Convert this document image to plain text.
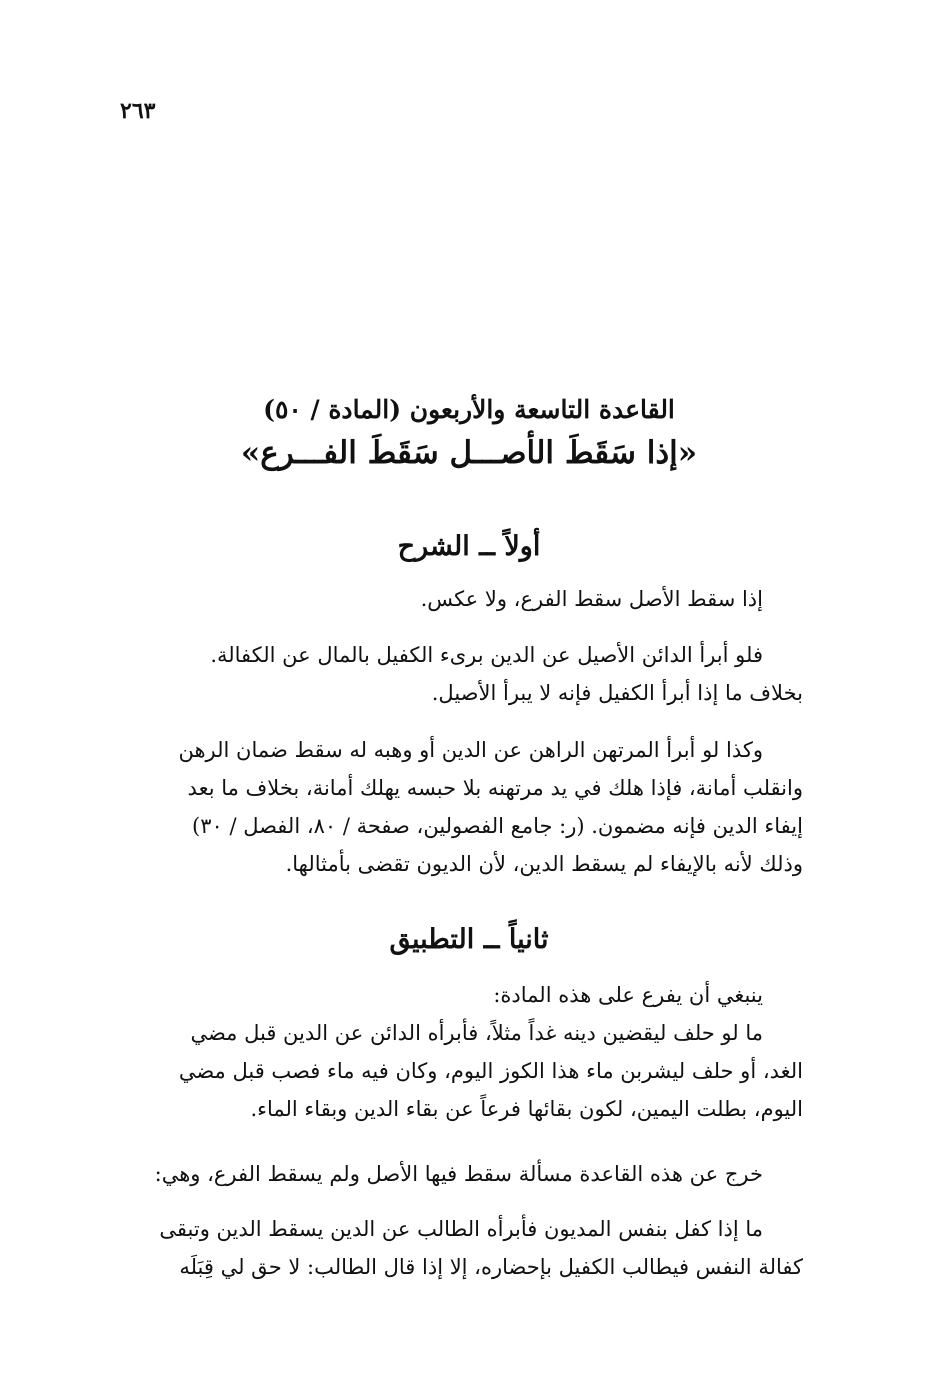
٢٦٣
القاعدة التاسعة والأربعون (المادة / ٥٠)
«إذا سَقَطَ الأصـــل سَقَطَ الفـــرع»
أولاً ــ الشرح
إذا سقط الأصل سقط الفرع، ولا عكس.
فلو أبرأ الدائن الأصيل عن الدين برىء الكفيل بالمال عن الكفالة.
بخلاف ما إذا أبرأ الكفيل فإنه لا يبرأ الأصيل.
وكذا لو أبرأ المرتهن الراهن عن الدين أو وهبه له سقط ضمان الرهن
وانقلب أمانة، فإذا هلك في يد مرتهنه بلا حبسه يهلك أمانة، بخلاف ما بعد
إيفاء الدين فإنه مضمون. (ر: جامع الفصولين، صفحة / ٨٠، الفصل / ٣٠)
وذلك لأنه بالإيفاء لم يسقط الدين، لأن الديون تقضى بأمثالها.
ثانياً ــ التطبيق
ينبغي أن يفرع على هذه المادة:
ما لو حلف ليقضين دينه غداً مثلاً، فأبرأه الدائن عن الدين قبل مضي
الغد، أو حلف ليشربن ماء هذا الكوز اليوم، وكان فيه ماء فصب قبل مضي
اليوم، بطلت اليمين، لكون بقائها فرعاً عن بقاء الدين وبقاء الماء.
خرج عن هذه القاعدة مسألة سقط فيها الأصل ولم يسقط الفرع، وهي:
ما إذا كفل بنفس المديون فأبرأه الطالب عن الدين يسقط الدين وتبقى
كفالة النفس فيطالب الكفيل بإحضاره، إلا إذا قال الطالب: لا حق لي قِبَلَه
